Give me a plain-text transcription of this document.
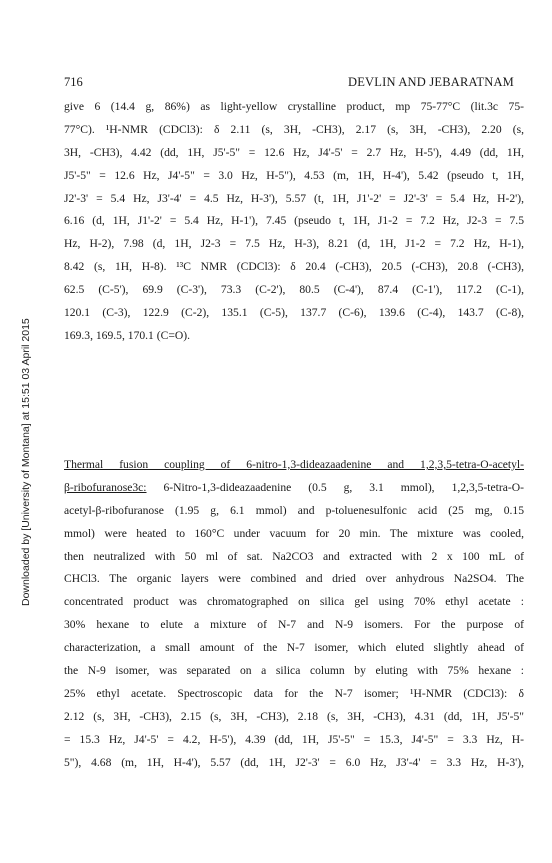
716	DEVLIN AND JEBARATNAM
Downloaded by [University of Montana] at 15:51 03 April 2015
give 6 (14.4 g, 86%) as light-yellow crystalline product, mp 75-77°C (lit.3c 75-
77°C). ¹H-NMR (CDCl3): δ 2.11 (s, 3H, -CH3), 2.17 (s, 3H, -CH3), 2.20 (s,
3H, -CH3), 4.42 (dd, 1H, J5'-5" = 12.6 Hz, J4'-5' = 2.7 Hz, H-5'), 4.49 (dd, 1H,
J5'-5" = 12.6 Hz, J4'-5" = 3.0 Hz, H-5"), 4.53 (m, 1H, H-4'), 5.42 (pseudo t, 1H,
J2'-3' = 5.4 Hz, J3'-4' = 4.5 Hz, H-3'), 5.57 (t, 1H, J1'-2' = J2'-3' = 5.4 Hz, H-2'),
6.16 (d, 1H, J1'-2' = 5.4 Hz, H-1'), 7.45 (pseudo t, 1H, J1-2 = 7.2 Hz, J2-3 = 7.5
Hz, H-2), 7.98 (d, 1H, J2-3 = 7.5 Hz, H-3), 8.21 (d, 1H, J1-2 = 7.2 Hz, H-1),
8.42 (s, 1H, H-8). ¹³C NMR (CDCl3): δ 20.4 (-CH3), 20.5 (-CH3), 20.8 (-CH3),
62.5 (C-5'), 69.9 (C-3'), 73.3 (C-2'), 80.5 (C-4'), 87.4 (C-1'), 117.2 (C-1),
120.1 (C-3), 122.9 (C-2), 135.1 (C-5), 137.7 (C-6), 139.6 (C-4), 143.7 (C-8),
169.3, 169.5, 170.1 (C=O).
Thermal fusion coupling of 6-nitro-1,3-dideazaadenine and 1,2,3,5-tetra-O-acetyl-
β-ribofuranose3c: 6-Nitro-1,3-dideazaadenine (0.5 g, 3.1 mmol), 1,2,3,5-tetra-O-
acetyl-β-ribofuranose (1.95 g, 6.1 mmol) and p-toluenesulfonic acid (25 mg, 0.15
mmol) were heated to 160°C under vacuum for 20 min. The mixture was cooled,
then neutralized with 50 ml of sat. Na2CO3 and extracted with 2 x 100 mL of
CHCl3. The organic layers were combined and dried over anhydrous Na2SO4. The
concentrated product was chromatographed on silica gel using 70% ethyl acetate :
30% hexane to elute a mixture of N-7 and N-9 isomers. For the purpose of
characterization, a small amount of the N-7 isomer, which eluted slightly ahead of
the N-9 isomer, was separated on a silica column by eluting with 75% hexane :
25% ethyl acetate. Spectroscopic data for the N-7 isomer; ¹H-NMR (CDCl3): δ
2.12 (s, 3H, -CH3), 2.15 (s, 3H, -CH3), 2.18 (s, 3H, -CH3), 4.31 (dd, 1H, J5'-5"
= 15.3 Hz, J4'-5' = 4.2, H-5'), 4.39 (dd, 1H, J5'-5" = 15.3, J4'-5" = 3.3 Hz, H-
5"), 4.68 (m, 1H, H-4'), 5.57 (dd, 1H, J2'-3' = 6.0 Hz, J3'-4' = 3.3 Hz, H-3'),
